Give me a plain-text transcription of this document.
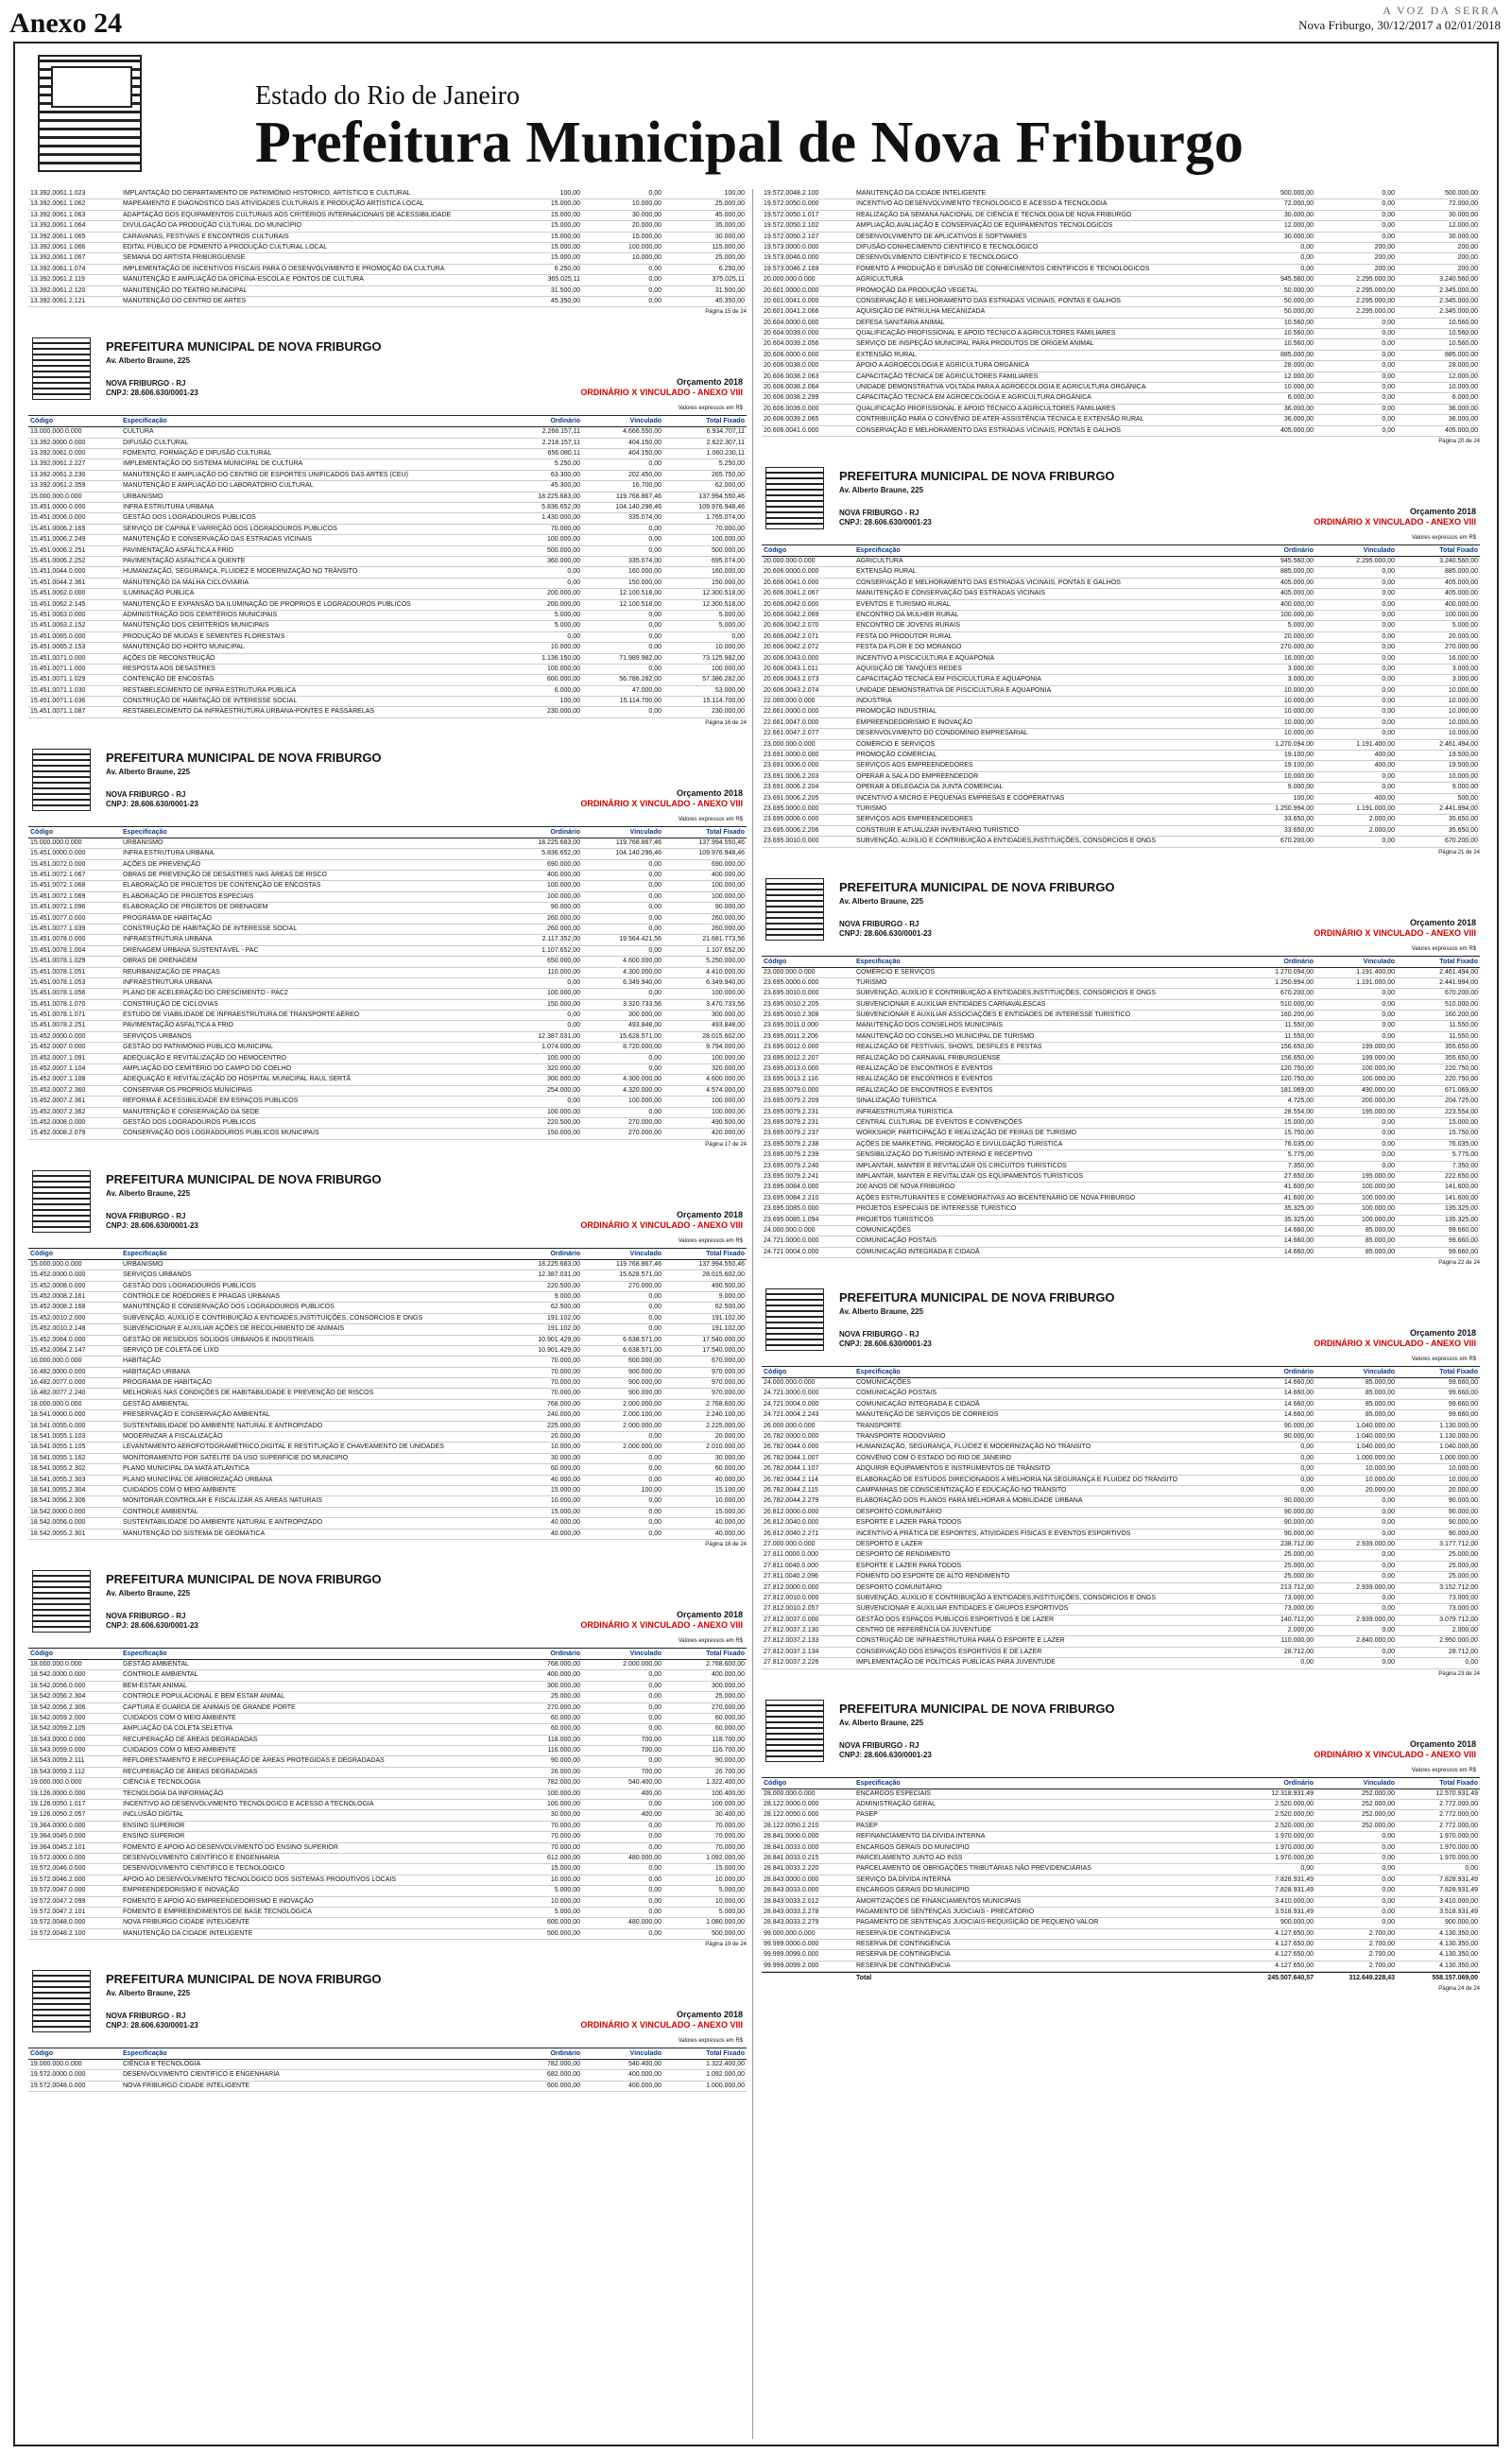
Anexo 24	A VOZ DA SERRA
Nova Friburgo, 30/12/2017 a 02/01/2018
Estado do Rio de Janeiro
Prefeitura Municipal de Nova Friburgo
13.392.0061.1.023	IMPLANTAÇÃO DO DEPARTAMENTO DE PATRIMÔNIO HISTÓRICO, ARTÍSTICO E CULTURAL	100,00	0,00	100,00
13.392.0061.1.062	MAPEAMENTO E DIAGNÓSTICO DAS ATIVIDADES CULTURAIS E PRODUÇÃO ARTÍSTICA LOCAL	15.000,00	10.000,00	25.000,00
13.392.0061.1.063	ADAPTAÇÃO DOS EQUIPAMENTOS CULTURAIS AOS CRITÉRIOS INTERNACIONAIS DE ACESSIBILIDADE	15.000,00	30.000,00	45.000,00
13.392.0061.1.064	DIVULGAÇÃO DA PRODUÇÃO CULTURAL DO MUNICÍPIO	15.000,00	20.000,00	35.000,00
13.392.0061.1.065	CARAVANAS, FESTIVAIS E ENCONTROS CULTURAIS	15.000,00	15.000,00	30.000,00
13.392.0061.1.066	EDITAL PÚBLICO DE FOMENTO A PRODUÇÃO CULTURAL LOCAL	15.000,00	100.000,00	115.000,00
13.392.0061.1.067	SEMANA DO ARTISTA FRIBURGUENSE	15.000,00	10.000,00	25.000,00
13.392.0061.1.074	IMPLEMENTAÇÃO DE INCENTIVOS FISCAIS PARA O DESENVOLVIMENTO E PROMOÇÃO DA CULTURA	6.250,00	0,00	6.250,00
13.392.0061.2.119	MANUTENÇÃO E AMPLIAÇÃO DA OFICINA-ESCOLA E PONTOS DE CULTURA	365.025,11	0,00	375.025,11
13.392.0061.2.120	MANUTENÇÃO DO TEATRO MUNICIPAL	31.500,00	0,00	31.500,00
13.392.0061.2.121	MANUTENÇÃO DO CENTRO DE ARTES	45.350,00	0,00	45.350,00
Página 15 de 24
PREFEITURA MUNICIPAL DE NOVA FRIBURGO
Av. Alberto Braune, 225
NOVA FRIBURGO - RJ
CNPJ: 28.606.630/0001-23
Orçamento 2018
ORDINÁRIO X VINCULADO - ANEXO VIII
Valores expressos em R$
Código	Especificação	Ordinário	Vinculado	Total Fixado
13.000.000.0.000	CULTURA	2.268.157,11	4.666.550,00	6.934.707,11
13.392.0000.0.000	DIFUSÃO CULTURAL	2.218.157,11	404.150,00	2.622.307,11
13.392.0061.0.000	FOMENTO, FORMAÇÃO E DIFUSÃO CULTURAL	656.080,11	404.150,00	1.060.230,11
13.392.0061.2.227	IMPLEMENTAÇÃO DO SISTEMA MUNICIPAL DE CULTURA	5.250,00	0,00	5.250,00
13.392.0061.2.230	MANUTENÇÃO E AMPLIAÇÃO DO CENTRO DE ESPORTES UNIFICADOS DAS ARTES (CEU)	63.300,00	202.450,00	265.750,00
13.392.0061.2.359	MANUTENÇÃO E AMPLIAÇÃO DO LABORATÓRIO CULTURAL	45.300,00	16.700,00	62.000,00
15.000.000.0.000	URBANISMO	18.225.683,00	119.768.867,46	137.994.550,46
15.451.0000.0.000	INFRA ESTRUTURA URBANA	5.836.652,00	104.140.296,46	109.976.948,46
15.451.0006.0.000	GESTÃO DOS LOGRADOUROS PÚBLICOS	1.430.000,00	335.074,00	1.765.074,00
15.451.0006.2.165	SERVIÇO DE CAPINA E VARRIÇÃO DOS LOGRADOUROS PÚBLICOS	70.000,00	0,00	70.000,00
15.451.0006.2.249	MANUTENÇÃO E CONSERVAÇÃO DAS ESTRADAS VICINAIS	100.000,00	0,00	100.000,00
15.451.0006.2.251	PAVIMENTAÇÃO ASFALTICA A FRIO	500.000,00	0,00	500.000,00
15.451.0006.2.252	PAVIMENTAÇÃO ASFALTICA A QUENTE	360.000,00	335.074,00	695.074,00
15.451.0044.0.000	HUMANIZAÇÃO, SEGURANÇA, FLUIDEZ E MODERNIZAÇÃO NO TRÂNSITO	0,00	160.000,00	160.000,00
15.451.0044.2.361	MANUTENÇÃO DA MALHA CICLOVIÁRIA	0,00	150.000,00	150.000,00
15.451.0062.0.000	ILUMINAÇÃO PÚBLICA	200.000,00	12.100.518,00	12.300.518,00
15.451.0062.2.145	MANUTENÇÃO E EXPANSÃO DA ILUMINAÇÃO DE PRÓPRIOS E LOGRADOUROS PÚBLICOS	200.000,00	12.100.518,00	12.300.518,00
15.451.0063.0.000	ADMINISTRAÇÃO DOS CEMITÉRIOS MUNICIPAIS	5.000,00	0,00	5.000,00
15.451.0063.2.152	MANUTENÇÃO DOS CEMITÉRIOS MUNICIPAIS	5.000,00	0,00	5.000,00
15.451.0065.0.000	PRODUÇÃO DE MUDAS E SEMENTES FLORESTAIS	0,00	0,00	0,00
15.451.0065.2.153	MANUTENÇÃO DO HORTO MUNICIPAL	10.000,00	0,00	10.000,00
15.451.0071.0.000	AÇÕES DE RECONSTRUÇÃO	1.136.150,00	71.989.982,00	73.125.982,00
15.451.0071.1.000	RESPOSTA AOS DESASTRES	100.000,00	0,00	100.000,00
15.451.0071.1.029	CONTENÇÃO DE ENCOSTAS	600.000,00	56.786.282,00	57.386.282,00
15.451.0071.1.030	RESTABELECIMENTO DE INFRA ESTRUTURA PÚBLICA	6.000,00	47.000,00	53.000,00
15.451.0071.1.036	CONSTRUÇÃO DE HABITAÇÃO DE INTERESSE SOCIAL	100,00	15.114.700,00	15.114.700,00
15.451.0071.1.087	RESTABELECIMENTO DA INFRAESTRUTURA URBANA-PONTES E PASSARELAS	230.000,00	0,00	230.000,00
Página 16 de 24
PREFEITURA MUNICIPAL DE NOVA FRIBURGO
Av. Alberto Braune, 225
NOVA FRIBURGO - RJ
CNPJ: 28.606.630/0001-23
Orçamento 2018
ORDINÁRIO X VINCULADO - ANEXO VIII
Valores expressos em R$
Código	Especificação	Ordinário	Vinculado	Total Fixado
15.000.000.0.000	URBANISMO	18.225.683,00	119.768.867,46	137.994.550,46
15.451.0000.0.000	INFRA ESTRUTURA URBANA	5.836.652,00	104.140.296,46	109.976.948,46
15.451.0072.0.000	AÇÕES DE PREVENÇÃO	690.000,00	0,00	690.000,00
15.451.0072.1.067	OBRAS DE PREVENÇÃO DE DESASTRES NAS ÁREAS DE RISCO	400.000,00	0,00	400.000,00
15.451.0072.1.068	ELABORAÇÃO DE PROJETOS DE CONTENÇÃO DE ENCOSTAS	100.000,00	0,00	100.000,00
15.451.0072.1.069	ELABORAÇÃO DE PROJETOS ESPECIAIS	100.000,00	0,00	100.000,00
15.451.0072.1.096	ELABORAÇÃO DE PROJETOS DE DRENAGEM	90.000,00	0,00	90.000,00
15.451.0077.0.000	PROGRAMA DE HABITAÇÃO	260.000,00	0,00	260.000,00
15.451.0077.1.039	CONSTRUÇÃO DE HABITAÇÃO DE INTERESSE SOCIAL	260.000,00	0,00	260.000,00
15.451.0078.0.000	INFRAESTRUTURA URBANA	2.117.352,00	19.564.421,56	21.681.773,56
15.451.0078.1.004	DRENAGEM URBANA SUSTENTÁVEL - PAC	1.107.652,00	0,00	1.107.652,00
15.451.0078.1.029	OBRAS DE DRENAGEM	650.000,00	4.600.000,00	5.250.000,00
15.451.0078.1.051	REURBANIZAÇÃO DE PRAÇAS	110.000,00	4.300.000,00	4.410.000,00
15.451.0078.1.053	INFRAESTRUTURA URBANA	0,00	6.349.940,00	6.349.940,00
15.451.0078.1.056	PLANO DE ACELERAÇÃO DO CRESCIMENTO - PAC2	100.000,00	0,00	100.000,00
15.451.0078.1.070	CONSTRUÇÃO DE CICLOVIAS	150.000,00	3.320.733,56	3.470.733,56
15.451.0078.1.071	ESTUDO DE VIABILIDADE DE INFRAESTRUTURA DE TRANSPORTE AÉREO	0,00	300.000,00	300.000,00
15.451.0078.2.251	PAVIMENTAÇÃO ASFALTICA A FRIO	0,00	493.848,00	493.848,00
15.452.0000.0.000	SERVIÇOS URBANOS	12.387.031,00	15.628.571,00	28.015.602,00
15.452.0007.0.000	GESTÃO DO PATRIMÔNIO PÚBLICO MUNICIPAL	1.074.000,00	8.720.000,00	9.794.000,00
15.452.0007.1.091	ADEQUAÇÃO E REVITALIZAÇÃO DO HEMOCENTRO	100.000,00	0,00	100.000,00
15.452.0007.1.104	AMPLIAÇÃO DO CEMITÉRIO DO CAMPO DO COELHO	320.000,00	0,00	320.000,00
15.452.0007.1.108	ADEQUAÇÃO E REVITALIZAÇÃO DO HOSPITAL MUNICIPAL RAUL SERTÃ	300.000,00	4.300.000,00	4.600.000,00
15.452.0007.2.360	CONSERVAR OS PRÓPRIOS MUNICIPAIS	254.000,00	4.320.000,00	4.574.000,00
15.452.0007.2.361	REFORMA E ACESSIBILIDADE EM ESPAÇOS PÚBLICOS	0,00	100.000,00	100.000,00
15.452.0007.2.362	MANUTENÇÃO E CONSERVAÇÃO DA SEDE	100.000,00	0,00	100.000,00
15.452.0008.0.000	GESTÃO DOS LOGRADOUROS PÚBLICOS	220.500,00	270.000,00	490.500,00
15.452.0008.2.079	CONSERVAÇÃO DOS LOGRADOUROS PÚBLICOS MUNICIPAIS	150.000,00	270.000,00	420.000,00
Página 17 de 24
PREFEITURA MUNICIPAL DE NOVA FRIBURGO
Av. Alberto Braune, 225
NOVA FRIBURGO - RJ
CNPJ: 28.606.630/0001-23
Orçamento 2018
ORDINÁRIO X VINCULADO - ANEXO VIII
Valores expressos em R$
Código	Especificação	Ordinário	Vinculado	Total Fixado
15.000.000.0.000	URBANISMO	18.225.683,00	119.768.867,46	137.994.550,46
15.452.0000.0.000	SERVIÇOS URBANOS	12.387.031,00	15.628.571,00	28.015.602,00
15.452.0008.0.000	GESTÃO DOS LOGRADOUROS PÚBLICOS	220.500,00	270.000,00	490.500,00
15.452.0008.2.161	CONTROLE DE ROEDORES E PRAGAS URBANAS	9.000,00	0,00	9.000,00
15.452.0008.2.168	MANUTENÇÃO E CONSERVAÇÃO DOS LOGRADOUROS PÚBLICOS	62.500,00	0,00	62.500,00
15.452.0010.2.000	SUBVENÇÃO, AUXÍLIO E CONTRIBUIÇÃO A ENTIDADES,INSTITUIÇÕES, CONSÓRCIOS E ONGS	191.102,00	0,00	191.102,00
15.452.0010.2.148	SUBVENCIONAR E AUXILIAR AÇÕES DE RECOLHIMENTO DE ANIMAIS	191.102,00	0,00	191.102,00
15.452.0064.0.000	GESTÃO DE RESÍDUOS SÓLIDOS URBANOS E INDUSTRIAIS	10.901.429,00	6.638.571,00	17.540.000,00
15.452.0064.2.147	SERVIÇO DE COLETA DE LIXO	10.901.429,00	6.638.571,00	17.540.000,00
16.000.000.0.000	HABITAÇÃO	70.000,00	600.000,00	670.000,00
16.482.0000.0.000	HABITAÇÃO URBANA	70.000,00	900.000,00	970.000,00
16.482.0077.0.000	PROGRAMA DE HABITAÇÃO	70.000,00	900.000,00	970.000,00
16.482.0077.2.240	MELHORIAS NAS CONDIÇÕES DE HABITABILIDADE E PREVENÇÃO DE RISCOS	70.000,00	900.000,00	970.000,00
18.000.000.0.000	GESTÃO AMBIENTAL	768.000,00	2.000.000,00	2.768.600,00
18.541.0000.0.000	PRESERVAÇÃO E CONSERVAÇÃO AMBIENTAL	240.000,00	2.000.100,00	2.240.100,00
18.541.0055.0.000	SUSTENTABILIDADE DO AMBIENTE NATURAL E ANTROPIZADO	225.000,00	2.000.000,00	2.225.000,00
18.541.0055.1.103	MODERNIZAR A FISCALIZAÇÃO	20.000,00	0,00	20.000,00
18.541.0055.1.105	LEVANTAMENTO AEROFOTOGRAMÉTRICO,DIGITAL E RESTITUIÇÃO E CHAVEAMENTO DE UNIDADES	10.000,00	2.000.000,00	2.010.000,00
18.541.0055.1.162	MONITORAMENTO POR SATÉLITE DA USO SUPERFÍCIE DO MUNICÍPIO	30.000,00	0,00	30.000,00
18.541.0055.2.302	PLANO MUNICIPAL DA MATA ATLÂNTICA	60.000,00	0,00	60.000,00
18.541.0055.2.303	PLANO MUNICIPAL DE ARBORIZAÇÃO URBANA	40.000,00	0,00	40.000,00
18.541.0055.2.304	CUIDADOS COM O MEIO AMBIENTE	15.000,00	100,00	15.100,00
18.541.0056.2.306	MONITORAR,CONTROLAR E FISCALIZAR AS ÁREAS NATURAIS	10.000,00	0,00	10.000,00
18.542.0000.0.000	CONTROLE AMBIENTAL	15.000,00	0,00	15.000,00
18.542.0056.0.000	SUSTENTABILIDADE DO AMBIENTE NATURAL E ANTROPIZADO	40.000,00	0,00	40.000,00
18.542.0055.2.301	MANUTENÇÃO DO SISTEMA DE GEOMÁTICA	40.000,00	0,00	40.000,00
Página 18 de 24
PREFEITURA MUNICIPAL DE NOVA FRIBURGO
Av. Alberto Braune, 225
NOVA FRIBURGO - RJ
CNPJ: 28.606.630/0001-23
Orçamento 2018
ORDINÁRIO X VINCULADO - ANEXO VIII
Valores expressos em R$
Código	Especificação	Ordinário	Vinculado	Total Fixado
18.000.000.0.000	GESTÃO AMBIENTAL	768.000,00	2.000.000,00	2.768.600,00
18.542.0000.0.000	CONTROLE AMBIENTAL	400.000,00	0,00	400.000,00
18.542.0056.0.000	BEM-ESTAR ANIMAL	300.000,00	0,00	300.000,00
18.542.0056.2.304	CONTROLE POPULACIONAL E BEM ESTAR ANIMAL	25.000,00	0,00	25.000,00
18.542.0056.2.306	CAPTURA E GUARDA DE ANIMAIS DE GRANDE PORTE	270.000,00	0,00	270.000,00
18.542.0059.2.000	CUIDADOS COM O MEIO AMBIENTE	60.000,00	0,00	60.000,00
18.542.0059.2.105	AMPLIAÇÃO DA COLETA SELETIVA	60.000,00	0,00	60.000,00
18.543.0000.0.000	RECUPERAÇÃO DE ÁREAS DEGRADADAS	118.000,00	700,00	118.700,00
18.543.0059.0.000	CUIDADOS COM O MEIO AMBIENTE	116.000,00	700,00	116.700,00
18.543.0059.2.111	REFLORESTAMENTO E RECUPERAÇÃO DE ÁREAS PROTEGIDAS E DEGRADADAS	90.000,00	0,00	90.000,00
18.543.0059.2.112	RECUPERAÇÃO DE ÁREAS DEGRADADAS	26.000,00	700,00	26.700,00
19.000.000.0.000	CIÊNCIA E TECNOLOGIA	782.000,00	540.400,00	1.322.400,00
19.126.0000.0.000	TECNOLOGIA DA INFORMAÇÃO	100.000,00	400,00	100.400,00
19.126.0050.1.017	INCENTIVO AO DESENVOLVIMENTO TECNOLÓGICO E ACESSO A TECNOLOGIA	100.000,00	0,00	100.000,00
19.126.0050.2.057	INCLUSÃO DIGITAL	30.000,00	400,00	30.400,00
19.364.0000.0.000	ENSINO SUPERIOR	70.000,00	0,00	70.000,00
19.364.0045.0.000	ENSINO SUPERIOR	70.000,00	0,00	70.000,00
19.364.0045.2.101	FOMENTO E APOIO AO DESENVOLVIMENTO DO ENSINO SUPERIOR	70.000,00	0,00	70.000,00
19.572.0000.0.000	DESENVOLVIMENTO CIENTÍFICO E ENGENHARIA	612.000,00	480.000,00	1.092.000,00
19.572.0046.0.000	DESENVOLVIMENTO CIENTÍFICO E TECNOLÓGICO	15.000,00	0,00	15.000,00
19.572.0046.2.000	APOIO AO DESENVOLVIMENTO TECNOLÓGICO DOS SISTEMAS PRODUTIVOS LOCAIS	10.000,00	0,00	10.000,00
19.572.0047.0.000	EMPREENDEDORISMO E INOVAÇÃO	5.000,00	0,00	5.000,00
19.572.0047.2.099	FOMENTO E APOIO AO EMPREENDEDORISMO E INOVAÇÃO	10.000,00	0,00	10.000,00
19.572.0047.2.101	FOMENTO E EMPREENDIMENTOS DE BASE TECNOLÓGICA	5.000,00	0,00	5.000,00
19.572.0048.0.000	NOVA FRIBURGO CIDADE INTELIGENTE	600.000,00	480.000,00	1.080.000,00
19.572.0048.2.100	MANUTENÇÃO DA CIDADE INTELIGENTE	500.000,00	0,00	500.000,00
Página 19 de 24
PREFEITURA MUNICIPAL DE NOVA FRIBURGO
Av. Alberto Braune, 225
NOVA FRIBURGO - RJ
CNPJ: 28.606.630/0001-23
Orçamento 2018
ORDINÁRIO X VINCULADO - ANEXO VIII
Valores expressos em R$
Código	Especificação	Ordinário	Vinculado	Total Fixado
19.000.000.0.000	CIÊNCIA E TECNOLOGIA	782.000,00	540.400,00	1.322.400,00
19.572.0000.0.000	DESENVOLVIMENTO CIENTÍFICO E ENGENHARIA	682.000,00	400.000,00	1.092.000,00
19.572.0048.0.000	NOVA FRIBURGO CIDADE INTELIGENTE	600.000,00	400.000,00	1.000.000,00
19.572.0048.2.100	MANUTENÇÃO DA CIDADE INTELIGENTE	500.000,00	0,00	500.000,00
19.572.0050.0.000	INCENTIVO AO DESENVOLVIMENTO TECNOLÓGICO E ACESSO A TECNOLOGIA	72.000,00	0,00	72.000,00
19.572.0050.1.017	REALIZAÇÃO DA SEMANA NACIONAL DE CIÊNCIA E TECNOLOGIA DE NOVA FRIBURGO	30.000,00	0,00	30.000,00
19.572.0050.2.102	AMPLIAÇÃO,AVALIAÇÃO E CONSERVAÇÃO DE EQUIPAMENTOS TECNOLÓGICOS	12.000,00	0,00	12.000,00
19.572.0050.2.107	DESENVOLVIMENTO DE APLICATIVOS E SOFTWARES	30.000,00	0,00	30.000,00
19.573.0000.0.000	DIFUSÃO CONHECIMENTO CIENTÍFICO E TECNOLÓGICO	0,00	200,00	200,00
19.573.0046.0.000	DESENVOLVIMENTO CIENTÍFICO E TECNOLÓGICO	0,00	200,00	200,00
19.573.0046.2.169	FOMENTO À PRODUÇÃO E DIFUSÃO DE CONHECIMENTOS CIENTÍFICOS E TECNOLÓGICOS	0,00	200,00	200,00
20.000.000.0.000	AGRICULTURA	945.560,00	2.295.000,00	3.240.560,00
20.601.0000.0.000	PROMOÇÃO DA PRODUÇÃO VEGETAL	50.000,00	2.295.000,00	2.345.000,00
20.601.0041.0.000	CONSERVAÇÃO E MELHORAMENTO DAS ESTRADAS VICINAIS, PONTAS E GALHOS	50.000,00	2.295.000,00	2.345.000,00
20.601.0041.2.066	AQUISIÇÃO DE PATRULHA MECANIZADA	50.000,00	2.295.000,00	2.345.000,00
20.604.0000.0.000	DEFESA SANITÁRIA ANIMAL	10.560,00	0,00	10.560,00
20.604.0039.0.000	QUALIFICAÇÃO PROFISSIONAL E APOIO TÉCNICO A AGRICULTORES FAMILIARES	10.560,00	0,00	10.560,00
20.604.0039.2.056	SERVIÇO DE INSPEÇÃO MUNICIPAL PARA PRODUTOS DE ORIGEM ANIMAL	10.560,00	0,00	10.560,00
20.606.0000.0.000	EXTENSÃO RURAL	885.000,00	0,00	885.000,00
20.606.0038.0.000	APOIO A AGROECOLOGIA E AGRICULTURA ORGÂNICA	28.000,00	0,00	28.000,00
20.606.0038.2.063	CAPACITAÇÃO TÉCNICA DE AGRICULTORES FAMILIARES	12.000,00	0,00	12.000,00
20.606.0038.2.064	UNIDADE DEMONSTRATIVA VOLTADA PARA A AGROECOLOGIA E AGRICULTURA ORGÂNICA	10.000,00	0,00	10.000,00
20.606.0038.2.299	CAPACITAÇÃO TÉCNICA EM AGROECOLOGIA E AGRICULTURA ORGÂNICA	6.000,00	0,00	6.000,00
20.606.0039.0.000	QUALIFICAÇÃO PROFISSIONAL E APOIO TÉCNICO A AGRICULTORES FAMILIARES	36.000,00	0,00	36.000,00
20.606.0039.2.065	CONTRIBUIÇÃO PARA O CONVÊNIO DE ATER-ASSISTÊNCIA TÉCNICA E EXTENSÃO RURAL	36.000,00	0,00	36.000,00
20.606.0041.0.000	CONSERVAÇÃO E MELHORAMENTO DAS ESTRADAS VICINAIS, PONTAS E GALHOS	405.000,00	0,00	405.000,00
Página 20 de 24
PREFEITURA MUNICIPAL DE NOVA FRIBURGO
Av. Alberto Braune, 225
NOVA FRIBURGO - RJ
CNPJ: 28.606.630/0001-23
Orçamento 2018
ORDINÁRIO X VINCULADO - ANEXO VIII
Valores expressos em R$
Código	Especificação	Ordinário	Vinculado	Total Fixado
20.000.000.0.000	AGRICULTURA	945.560,00	2.295.000,00	3.240.560,00
20.606.0000.0.000	EXTENSÃO RURAL	885.000,00	0,00	885.000,00
20.606.0041.0.000	CONSERVAÇÃO E MELHORAMENTO DAS ESTRADAS VICINAIS, PONTAS E GALHOS	405.000,00	0,00	405.000,00
20.606.0041.2.067	MANUTENÇÃO E CONSERVAÇÃO DAS ESTRADAS VICINAIS	405.000,00	0,00	405.000,00
20.606.0042.0.000	EVENTOS E TURISMO RURAL	400.000,00	0,00	400.000,00
20.606.0042.2.069	ENCONTRO DA MULHER RURAL	100.000,00	0,00	100.000,00
20.606.0042.2.070	ENCONTRO DE JOVENS RURAIS	5.000,00	0,00	5.000,00
20.606.0042.2.071	FESTA DO PRODUTOR RURAL	20.000,00	0,00	20.000,00
20.606.0042.2.072	FESTA DA FLOR E DO MORANGO	270.000,00	0,00	270.000,00
20.606.0043.0.000	INCENTIVO A PISCICULTURA E AQUAPONIA	16.000,00	0,00	16.000,00
20.606.0043.1.011	AQUISIÇÃO DE TANQUES REDES	3.000,00	0,00	3.000,00
20.606.0043.2.073	CAPACITAÇÃO TÉCNICA EM PISCICULTURA E AQUAPONIA	3.000,00	0,00	3.000,00
20.606.0043.2.074	UNIDADE DEMONSTRATIVA DE PISCICULTURA E AQUAPONIA	10.000,00	0,00	10.000,00
22.000.000.0.000	INDÚSTRIA	10.000,00	0,00	10.000,00
22.661.0000.0.000	PROMOÇÃO INDUSTRIAL	10.000,00	0,00	10.000,00
22.661.0047.0.000	EMPREENDEDORISMO E INOVAÇÃO	10.000,00	0,00	10.000,00
22.661.0047.2.077	DESENVOLVIMENTO DO CONDOMÍNIO EMPRESARIAL	10.000,00	0,00	10.000,00
23.000.000.0.000	COMÉRCIO E SERVIÇOS	1.270.094,00	1.191.400,00	2.461.494,00
23.691.0000.0.000	PROMOÇÃO COMERCIAL	19.100,00	400,00	19.500,00
23.691.0006.0.000	SERVIÇOS AOS EMPREENDEDORES	19.100,00	400,00	19.500,00
23.691.0006.2.203	OPERAR A SALA DO EMPREENDEDOR	10.000,00	0,00	10.000,00
23.691.0006.2.204	OPERAR A DELEGACIA DA JUNTA COMERCIAL	9.000,00	0,00	9.000,00
23.691.0006.2.205	INCENTIVO A MICRO E PEQUENAS EMPRESAS E COOPERATIVAS	100,00	400,00	500,00
23.695.0000.0.000	TURISMO	1.250.994,00	1.191.000,00	2.441.994,00
23.695.0006.0.000	SERVIÇOS AOS EMPREENDEDORES	33.650,00	2.000,00	35.650,00
23.695.0006.2.206	CONSTRUIR E ATUALIZAR INVENTÁRIO TURÍSTICO	33.650,00	2.000,00	35.650,00
23.695.0010.0.000	SUBVENÇÃO, AUXÍLIO E CONTRIBUIÇÃO A ENTIDADES,INSTITUIÇÕES, CONSÓRCIOS E ONGS	670.200,00	0,00	670.200,00
Página 21 de 24
PREFEITURA MUNICIPAL DE NOVA FRIBURGO
Av. Alberto Braune, 225
NOVA FRIBURGO - RJ
CNPJ: 28.606.630/0001-23
Orçamento 2018
ORDINÁRIO X VINCULADO - ANEXO VIII
Valores expressos em R$
Código	Especificação	Ordinário	Vinculado	Total Fixado
23.000.000.0.000	COMÉRCIO E SERVIÇOS	1.270.094,00	1.191.400,00	2.461.494,00
23.695.0000.0.000	TURISMO	1.250.994,00	1.191.000,00	2.441.994,00
23.695.0010.0.000	SUBVENÇÃO, AUXÍLIO E CONTRIBUIÇÃO A ENTIDADES,INSTITUIÇÕES, CONSÓRCIOS E ONGS	670.200,00	0,00	670.200,00
23.695.0010.2.205	SUBVENCIONAR E AUXILIAR ENTIDADES CARNAVALESCAS	510.000,00	0,00	510.000,00
23.695.0010.2.308	SUBVENCIONAR E AUXILIAR ASSOCIAÇÕES E ENTIDADES DE INTERESSE TURÍSTICO	160.200,00	0,00	160.200,00
23.695.0011.0.000	MANUTENÇÃO DOS CONSELHOS MUNICIPAIS	11.550,00	0,00	11.550,00
23.695.0011.2.206	MANUTENÇÃO DO CONSELHO MUNICIPAL DE TURISMO	11.550,00	0,00	11.550,00
23.695.0012.0.000	REALIZAÇÃO DE FESTIVAIS, SHOWS, DESFILES E FESTAS	156.650,00	199.000,00	355.650,00
23.695.0012.2.207	REALIZAÇÃO DO CARNAVAL FRIBURGUENSE	156.650,00	199.000,00	355.650,00
23.695.0013.0.000	REALIZAÇÃO DE ENCONTROS E EVENTOS	120.750,00	100.000,00	220.750,00
23.695.0013.2.116	REALIZAÇÃO DE ENCONTROS E EVENTOS	120.750,00	100.000,00	220.750,00
23.695.0079.0.000	REALIZAÇÃO DE ENCONTROS E EVENTOS	181.069,00	490.000,00	671.069,00
23.695.0079.2.209	SINALIZAÇÃO TURÍSTICA	4.725,00	200.000,00	204.725,00
23.695.0079.2.231	INFRAESTRUTURA TURÍSTICA	28.554,00	195.000,00	223.554,00
23.695.0079.2.231	CENTRAL CULTURAL DE EVENTOS E CONVENÇÕES	15.000,00	0,00	15.000,00
23.695.0079.2.237	WORKSHOP, PARTICIPAÇÃO E REALIZAÇÃO DE FEIRAS DE TURISMO	15.750,00	0,00	15.750,00
23.695.0079.2.238	AÇÕES DE MARKETING, PROMOÇÃO E DIVULGAÇÃO TURÍSTICA	76.035,00	0,00	76.035,00
23.695.0079.2.239	SENSIBILIZAÇÃO DO TURISMO INTERNO E RECEPTIVO	5.775,00	0,00	5.775,00
23.695.0079.2.240	IMPLANTAR, MANTER E REVITALIZAR OS CIRCUITOS TURÍSTICOS	7.350,00	0,00	7.350,00
23.695.0079.2.241	IMPLANTAR, MANTER E REVITALIZAR OS EQUIPAMENTOS TURÍSTICOS	27.650,00	195.000,00	222.650,00
23.695.0084.0.000	200 ANOS DE NOVA FRIBURGO	41.600,00	100.000,00	141.600,00
23.695.0084.2.210	AÇÕES ESTRUTURANTES E COMEMORATIVAS AO BICENTENÁRIO DE NOVA FRIBURGO	41.600,00	100.000,00	141.600,00
23.695.0085.0.000	PROJETOS ESPECIAIS DE INTERESSE TURÍSTICO	35.325,00	100.000,00	135.325,00
23.695.0085.1.094	PROJETOS TURÍSTICOS	35.325,00	100.000,00	135.325,00
24.000.000.0.000	COMUNICAÇÕES	14.660,00	85.000,00	99.660,00
24.721.0000.0.000	COMUNICAÇÃO POSTAIS	14.660,00	85.000,00	99.660,00
24.721.0004.0.000	COMUNICAÇÃO INTEGRADA E CIDADÃ	14.660,00	85.000,00	99.660,00
Página 22 de 24
PREFEITURA MUNICIPAL DE NOVA FRIBURGO
Av. Alberto Braune, 225
NOVA FRIBURGO - RJ
CNPJ: 28.606.630/0001-23
Orçamento 2018
ORDINÁRIO X VINCULADO - ANEXO VIII
Valores expressos em R$
Código	Especificação	Ordinário	Vinculado	Total Fixado
24.000.000.0.000	COMUNICAÇÕES	14.660,00	85.000,00	99.660,00
24.721.0000.0.000	COMUNICAÇÃO POSTAIS	14.660,00	85.000,00	99.660,00
24.721.0004.0.000	COMUNICAÇÃO INTEGRADA E CIDADÃ	14.660,00	85.000,00	99.660,00
24.721.0004.2.243	MANUTENÇÃO DE SERVIÇOS DE CORREIOS	14.660,00	85.000,00	99.660,00
26.000.000.0.000	TRANSPORTE	90.000,00	1.040.000,00	1.130.000,00
26.782.0000.0.000	TRANSPORTE RODOVIÁRIO	90.000,00	1.040.000,00	1.130.000,00
26.782.0044.0.000	HUMANIZAÇÃO, SEGURANÇA, FLUIDEZ E MODERNIZAÇÃO NO TRÂNSITO	0,00	1.040.000,00	1.040.000,00
26.782.0044.1.007	CONVÊNIO COM O ESTADO DO RIO DE JANEIRO	0,00	1.000.000,00	1.000.000,00
26.782.0044.1.107	ADQUIRIR EQUIPAMENTOS E INSTRUMENTOS DE TRÂNSITO	0,00	10.000,00	10.000,00
26.782.0044.2.114	ELABORAÇÃO DE ESTUDOS DIRECIONADOS A MELHORIA NA SEGURANÇA E FLUIDEZ DO TRÂNSITO	0,00	10.000,00	10.000,00
26.782.0044.2.115	CAMPANHAS DE CONSCIENTIZAÇÃO E EDUCAÇÃO NO TRÂNSITO	0,00	20.000,00	20.000,00
26.782.0044.2.279	ELABORAÇÃO DOS PLANOS PARA MELHORAR A MOBILIDADE URBANA	90.000,00	0,00	90.000,00
26.812.0000.0.000	DESPORTO COMUNITÁRIO	90.000,00	0,00	90.000,00
26.812.0040.0.000	ESPORTE E LAZER PARA TODOS	90.000,00	0,00	90.000,00
26.812.0040.2.271	INCENTIVO A PRÁTICA DE ESPORTES, ATIVIDADES FÍSICAS E EVENTOS ESPORTIVOS	90.000,00	0,00	90.000,00
27.000.000.0.000	DESPORTO E LAZER	238.712,00	2.939.000,00	3.177.712,00
27.811.0000.0.000	DESPORTO DE RENDIMENTO	25.000,00	0,00	25.000,00
27.811.0040.0.000	ESPORTE E LAZER PARA TODOS	25.000,00	0,00	25.000,00
27.811.0040.2.096	FOMENTO DO ESPORTE DE ALTO RENDIMENTO	25.000,00	0,00	25.000,00
27.812.0000.0.000	DESPORTO COMUNITÁRIO	213.712,00	2.939.000,00	3.152.712,00
27.812.0010.0.000	SUBVENÇÃO, AUXÍLIO E CONTRIBUIÇÃO A ENTIDADES,INSTITUIÇÕES, CONSÓRCIOS E ONGS	73.000,00	0,00	73.000,00
27.812.0010.2.057	SUBVENCIONAR E AUXILIAR ENTIDADES E GRUPOS ESPORTIVOS	73.000,00	0,00	73.000,00
27.812.0037.0.000	GESTÃO DOS ESPAÇOS PÚBLICOS ESPORTIVOS E DE LAZER	140.712,00	2.939.000,00	3.079.712,00
27.812.0037.2.130	CENTRO DE REFERÊNCIA DA JUVENTUDE	2.000,00	0,00	2.000,00
27.812.0037.2.133	CONSTRUÇÃO DE INFRAESTRUTURA PARA O ESPORTE E LAZER	110.000,00	2.840.000,00	2.950.000,00
27.812.0037.2.134	CONSERVAÇÃO DOS ESPAÇOS ESPORTIVOS E DE LAZER	28.712,00	0,00	28.712,00
27.812.0037.2.226	IMPLEMENTAÇÃO DE POLÍTICAS PÚBLICAS PARA JUVENTUDE	0,00	0,00	0,00
Página 23 de 24
PREFEITURA MUNICIPAL DE NOVA FRIBURGO
Av. Alberto Braune, 225
NOVA FRIBURGO - RJ
CNPJ: 28.606.630/0001-23
Orçamento 2018
ORDINÁRIO X VINCULADO - ANEXO VIII
Valores expressos em R$
Código	Especificação	Ordinário	Vinculado	Total Fixado
28.000.000.0.000	ENCARGOS ESPECIAIS	12.318.931,49	252.000,00	12.570.931,49
28.122.0000.0.000	ADMINISTRAÇÃO GERAL	2.520.000,00	252.000,00	2.772.000,00
28.122.0050.0.000	PASEP	2.520.000,00	252.000,00	2.772.000,00
28.122.0050.2.210	PASEP	2.520.000,00	252.000,00	2.772.000,00
28.841.0000.0.000	REFINANCIAMENTO DA DÍVIDA INTERNA	1.970.000,00	0,00	1.970.000,00
28.841.0033.0.000	ENCARGOS GERAIS DO MUNICÍPIO	1.970.000,00	0,00	1.970.000,00
28.841.0033.0.215	PARCELAMENTO JUNTO AO INSS	1.970.000,00	0,00	1.970.000,00
28.841.0033.2.220	PARCELAMENTO DE OBRIGAÇÕES TRIBUTÁRIAS NÃO PREVIDENCIÁRIAS	0,00	0,00	0,00
28.843.0000.0.000	SERVIÇO DA DÍVIDA INTERNA	7.828.931,49	0,00	7.828.931,49
28.843.0033.0.000	ENCARGOS GERAIS DO MUNICÍPIO	7.828.931,49	0,00	7.828.931,49
28.843.0033.2.012	AMORTIZAÇÕES DE FINANCIAMENTOS MUNICIPAIS	3.410.000,00	0,00	3.410.000,00
28.843.0033.2.278	PAGAMENTO DE SENTENÇAS JUDICIAIS - PRECATÓRIO	3.518.931,49	0,00	3.518.931,49
28.843.0033.2.279	PAGAMENTO DE SENTENÇAS JUDICIAIS-REQUISIÇÃO DE PEQUENO VALOR	900.000,00	0,00	900.000,00
99.000.000.0.000	RESERVA DE CONTINGÊNCIA	4.127.650,00	2.700,00	4.130.350,00
99.999.0000.0.000	RESERVA DE CONTINGÊNCIA	4.127.650,00	2.700,00	4.130.350,00
99.999.0099.0.000	RESERVA DE CONTINGÊNCIA	4.127.650,00	2.700,00	4.130.350,00
99.999.0099.2.000	RESERVA DE CONTINGÊNCIA	4.127.650,00	2.700,00	4.130.350,00
Total	245.507.640,57	312.649.228,43	558.157.069,00
Página 24 de 24
